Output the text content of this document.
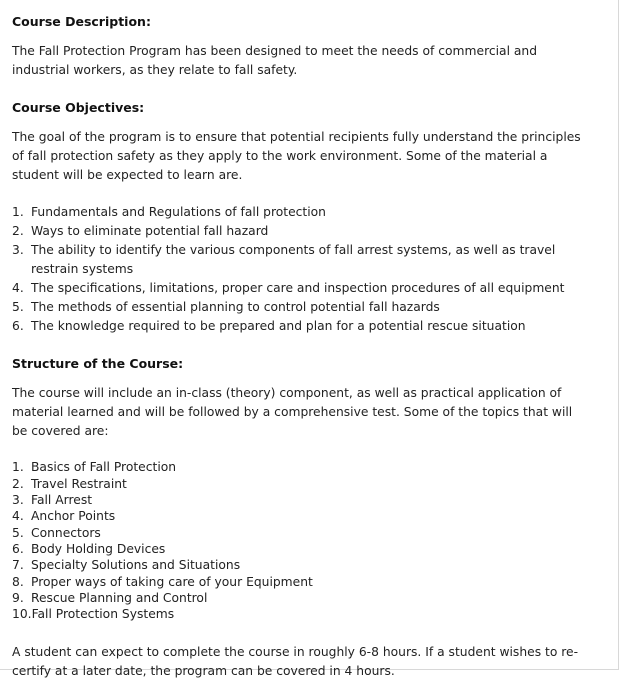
Course Description:

The Fall Protection Program has been designed to meet the needs of commercial and industrial workers, as they relate to fall safety.

Course Objectives:

The goal of the program is to ensure that potential recipients fully understand the principles of fall protection safety as they apply to the work environment. Some of the material a student will be expected to learn are.

1. Fundamentals and Regulations of fall protection
2. Ways to eliminate potential fall hazard
3. The ability to identify the various components of fall arrest systems, as well as travel restrain systems
4. The specifications, limitations, proper care and inspection procedures of all equipment
5. The methods of essential planning to control potential fall hazards
6. The knowledge required to be prepared and plan for a potential rescue situation
Structure of the Course:

The course will include an in-class (theory) component, as well as practical application of material learned and will be followed by a comprehensive test. Some of the topics that will be covered are:

1. Basics of Fall Protection
2. Travel Restraint
3. Fall Arrest
4. Anchor Points
5. Connectors
6. Body Holding Devices
7. Specialty Solutions and Situations
8. Proper ways of taking care of your Equipment
9. Rescue Planning and Control
10. Fall Protection Systems

A student can expect to complete the course in roughly 6-8 hours. If a student wishes to re-certify at a later date, the program can be covered in 4 hours.
